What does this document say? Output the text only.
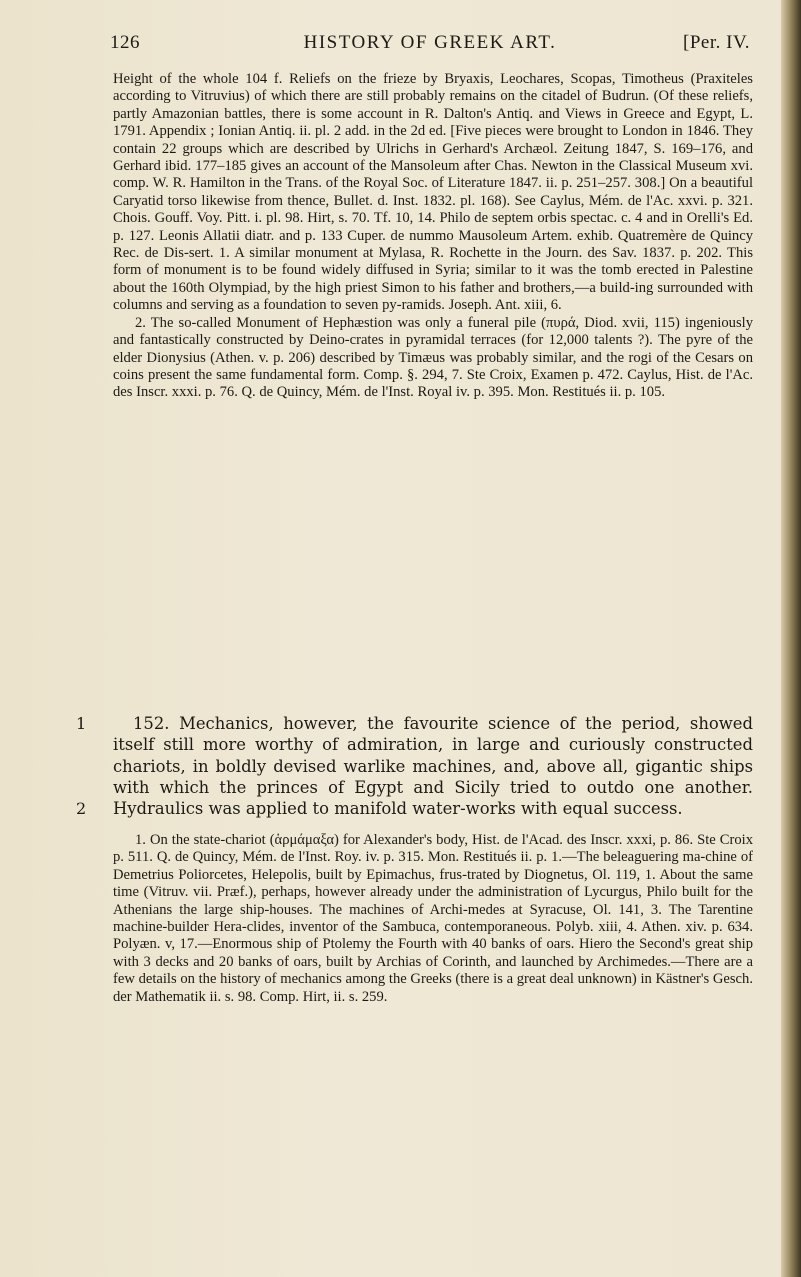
126	HISTORY OF GREEK ART.	[Per. IV.

Height of the whole 104 f. Reliefs on the frieze by Bryaxis, Leochares, Scopas, Timotheus (Praxiteles according to Vitruvius) of which there are still probably remains on the citadel of Budrun. (Of these reliefs, partly Amazonian battles, there is some account in R. Dalton's Antiq. and Views in Greece and Egypt, L. 1791. Appendix ; Ionian Antiq. ii. pl. 2 add. in the 2d ed. [Five pieces were brought to London in 1846. They contain 22 groups which are described by Ulrichs in Gerhard's Archæol. Zeitung 1847, S. 169–176, and Gerhard ibid. 177–185 gives an account of the Mansoleum after Chas. Newton in the Classical Museum xvi. comp. W. R. Hamilton in the Trans. of the Royal Soc. of Literature 1847. ii. p. 251–257. 308.] On a beautiful Caryatid torso likewise from thence, Bullet. d. Inst. 1832. pl. 168). See Caylus, Mém. de l'Ac. xxvi. p. 321. Chois. Gouff. Voy. Pitt. i. pl. 98. Hirt, s. 70. Tf. 10, 14. Philo de septem orbis spectac. c. 4 and in Orelli's Ed. p. 127. Leonis Allatii diatr. and p. 133 Cuper. de nummo Mausoleum Artem. exhib. Quatremère de Quincy Rec. de Dis-sert. 1. A similar monument at Mylasa, R. Rochette in the Journ. des Sav. 1837. p. 202. This form of monument is to be found widely diffused in Syria; similar to it was the tomb erected in Palestine about the 160th Olympiad, by the high priest Simon to his father and brothers,—a build-ing surrounded with columns and serving as a foundation to seven py-ramids. Joseph. Ant. xiii, 6.

2. The so-called Monument of Hephæstion was only a funeral pile (πυρά, Diod. xvii, 115) ingeniously and fantastically constructed by Deino-crates in pyramidal terraces (for 12,000 talents ?). The pyre of the elder Dionysius (Athen. v. p. 206) described by Timæus was probably similar, and the rogi of the Cesars on coins present the same fundamental form. Comp. §. 294, 7. Ste Croix, Examen p. 472. Caylus, Hist. de l'Ac. des Inscr. xxxi. p. 76. Q. de Quincy, Mém. de l'Inst. Royal iv. p. 395. Mon. Restitués ii. p. 105.

1
2

152. Mechanics, however, the favourite science of the period, showed itself still more worthy of admiration, in large and curiously constructed chariots, in boldly devised warlike machines, and, above all, gigantic ships with which the princes of Egypt and Sicily tried to outdo one another. Hydraulics was applied to manifold water-works with equal success.

1. On the state-chariot (ἁρμάμαξα) for Alexander's body, Hist. de l'Acad. des Inscr. xxxi, p. 86. Ste Croix p. 511. Q. de Quincy, Mém. de l'Inst. Roy. iv. p. 315. Mon. Restitués ii. p. 1.—The beleaguering ma-chine of Demetrius Poliorcetes, Helepolis, built by Epimachus, frus-trated by Diognetus, Ol. 119, 1. About the same time (Vitruv. vii. Præf.), perhaps, however already under the administration of Lycurgus, Philo built for the Athenians the large ship-houses. The machines of Archi-medes at Syracuse, Ol. 141, 3. The Tarentine machine-builder Hera-clides, inventor of the Sambuca, contemporaneous. Polyb. xiii, 4. Athen. xiv. p. 634. Polyæn. v, 17.—Enormous ship of Ptolemy the Fourth with 40 banks of oars. Hiero the Second's great ship with 3 decks and 20 banks of oars, built by Archias of Corinth, and launched by Archimedes.—There are a few details on the history of mechanics among the Greeks (there is a great deal unknown) in Kästner's Gesch. der Mathematik ii. s. 98. Comp. Hirt, ii. s. 259.
